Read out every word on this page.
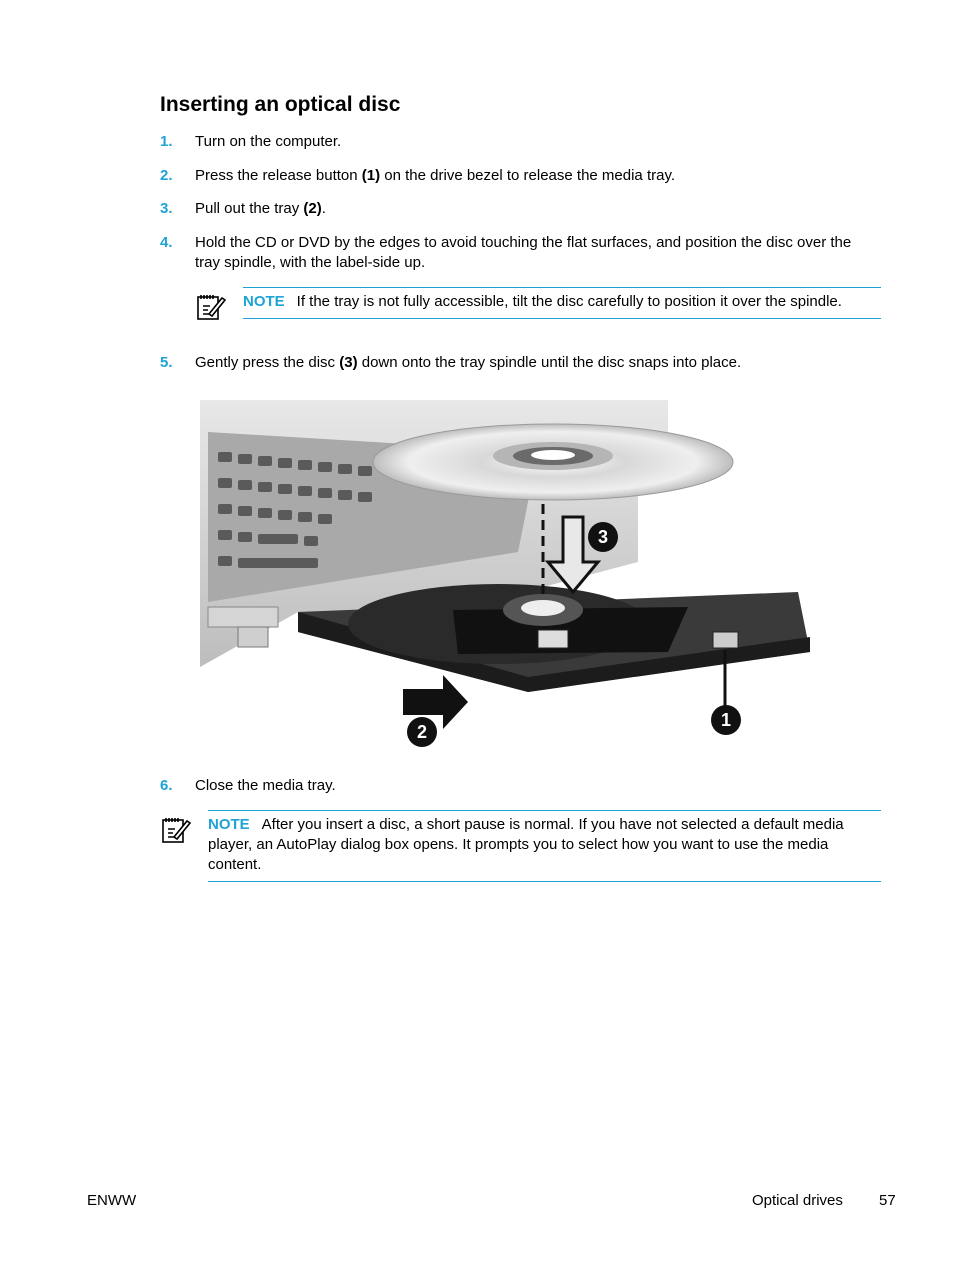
Inserting an optical disc
1. Turn on the computer.
2. Press the release button (1) on the drive bezel to release the media tray.
3. Pull out the tray (2).
4. Hold the CD or DVD by the edges to avoid touching the flat surfaces, and position the disc over the tray spindle, with the label-side up.
NOTE If the tray is not fully accessible, tilt the disc carefully to position it over the spindle.
5. Gently press the disc (3) down onto the tray spindle until the disc snaps into place.
1
2
3
6. Close the media tray.
NOTE After you insert a disc, a short pause is normal. If you have not selected a default media player, an AutoPlay dialog box opens. It prompts you to select how you want to use the media content.
ENWW	Optical drives 57
